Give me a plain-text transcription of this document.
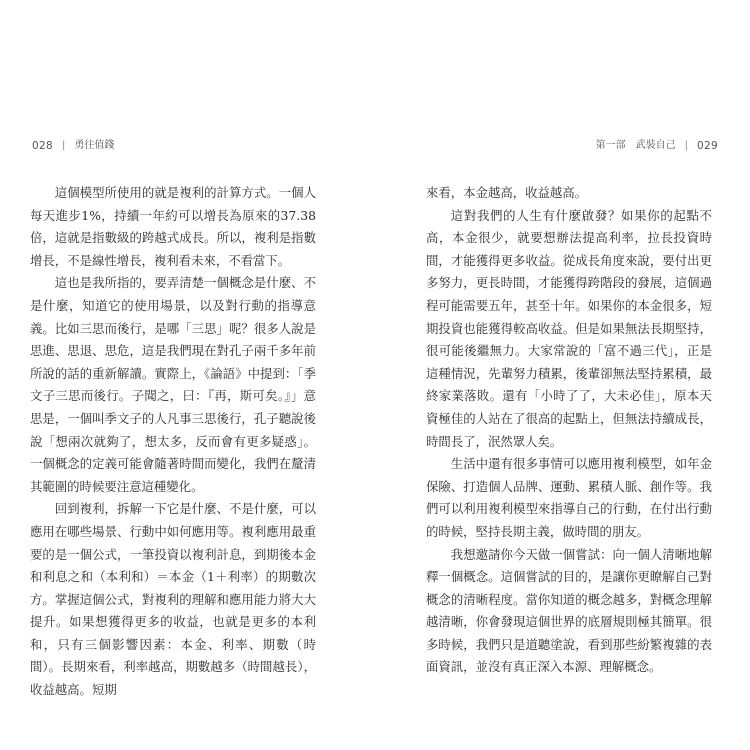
028 | 勇往值錢	第一部　武裝自己 | 029

這個模型所使用的就是複利的計算方式。一個人每天進步1%，持續一年約可以增長為原來的37.38倍，這就是指數級的跨越式成長。所以，複利是指數增長，不是線性增長，複利看未來，不看當下。

這也是我所指的，要弄清楚一個概念是什麼、不是什麼，知道它的使用場景，以及對行動的指導意義。比如三思而後行，是哪「三思」呢？很多人說是思進、思退、思危，這是我們現在對孔子兩千多年前所說的話的重新解讀。實際上，《論語》中提到：「季文子三思而後行。子聞之，曰：『再，斯可矣。』」意思是，一個叫季文子的人凡事三思後行，孔子聽說後說「想兩次就夠了，想太多，反而會有更多疑惑」。一個概念的定義可能會隨著時間而變化，我們在釐清其範圍的時候要注意這種變化。

回到複利，拆解一下它是什麼、不是什麼，可以應用在哪些場景、行動中如何應用等。複利應用最重要的是一個公式，一筆投資以複利計息，到期後本金和利息之和（本利和）＝本金（1＋利率）的期數次方。掌握這個公式，對複利的理解和應用能力將大大提升。如果想獲得更多的收益，也就是更多的本利和，只有三個影響因素：本金、利率、期數（時間）。長期來看，利率越高，期數越多（時間越長），收益越高。短期

來看，本金越高，收益越高。

這對我們的人生有什麼啟發？如果你的起點不高，本金很少，就要想辦法提高利率，拉長投資時間，才能獲得更多收益。從成長角度來說，要付出更多努力，更長時間，才能獲得跨階段的發展，這個過程可能需要五年，甚至十年。如果你的本金很多，短期投資也能獲得較高收益。但是如果無法長期堅持，很可能後繼無力。大家常說的「富不過三代」，正是這種情況，先輩努力積累，後輩卻無法堅持累積，最終家業落敗。還有「小時了了，大未必佳」，原本天資極佳的人站在了很高的起點上，但無法持續成長，時間長了，泯然眾人矣。

生活中還有很多事情可以應用複利模型，如年金保險、打造個人品牌、運動、累積人脈、創作等。我們可以利用複利模型來指導自己的行動，在付出行動的時候，堅持長期主義，做時間的朋友。

我想邀請你今天做一個嘗試：向一個人清晰地解釋一個概念。這個嘗試的目的，是讓你更瞭解自己對概念的清晰程度。當你知道的概念越多，對概念理解越清晰，你會發現這個世界的底層規則極其簡單。很多時候，我們只是道聽塗說，看到那些紛繁複雜的表面資訊，並沒有真正深入本源、理解概念。
